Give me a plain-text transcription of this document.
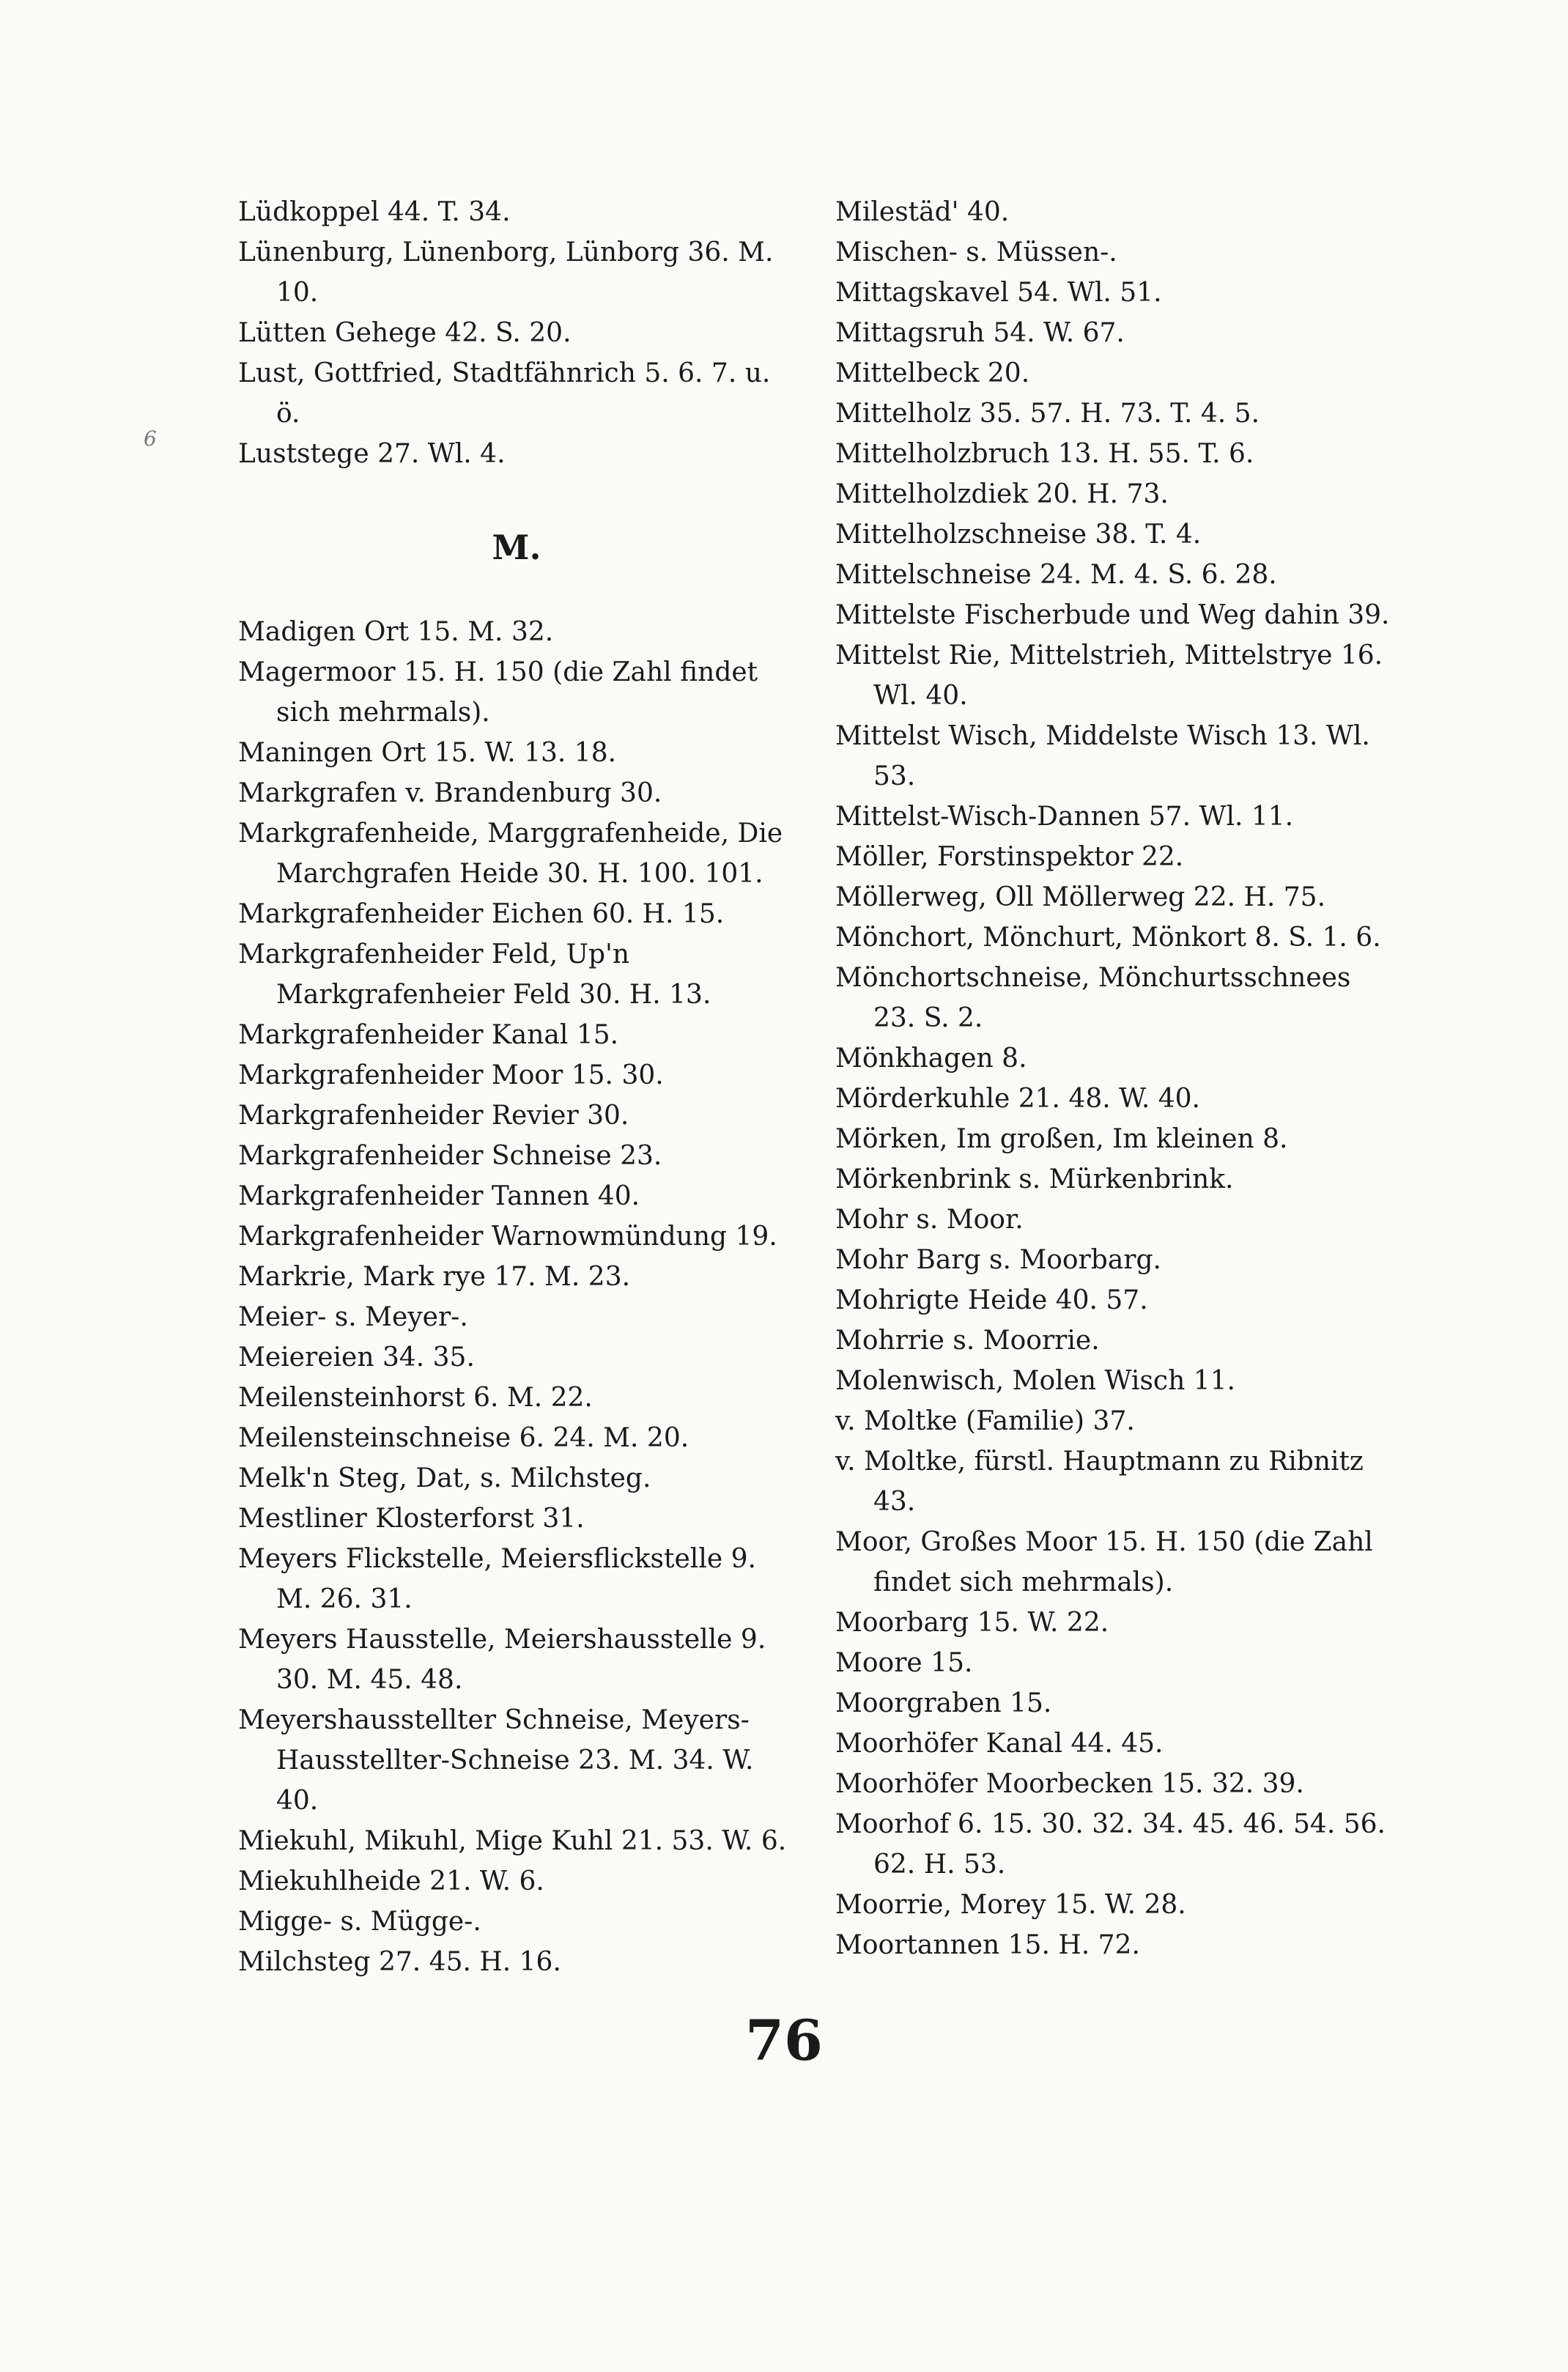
6
Lüdkoppel 44. T. 34.
Lünenburg, Lünenborg, Lünborg 36. M. 10.
Lütten Gehege 42. S. 20.
Lust, Gottfried, Stadtfähnrich 5. 6. 7. u. ö.
Luststege 27. Wl. 4.
M.
Madigen Ort 15. M. 32.
Magermoor 15. H. 150 (die Zahl findet sich mehrmals).
Maningen Ort 15. W. 13. 18.
Markgrafen v. Brandenburg 30.
Markgrafenheide, Marggrafenheide, Die Marchgrafen Heide 30. H. 100. 101.
Markgrafenheider Eichen 60. H. 15.
Markgrafenheider Feld, Up'n Markgrafenheier Feld 30. H. 13.
Markgrafenheider Kanal 15.
Markgrafenheider Moor 15. 30.
Markgrafenheider Revier 30.
Markgrafenheider Schneise 23.
Markgrafenheider Tannen 40.
Markgrafenheider Warnowmündung 19.
Markrie, Mark rye 17. M. 23.
Meier- s. Meyer-.
Meiereien 34. 35.
Meilensteinhorst 6. M. 22.
Meilensteinschneise 6. 24. M. 20.
Melk'n Steg, Dat, s. Milchsteg.
Mestliner Klosterforst 31.
Meyers Flickstelle, Meiersflickstelle 9. M. 26. 31.
Meyers Hausstelle, Meiershausstelle 9. 30. M. 45. 48.
Meyershausstellter Schneise, Meyers-Hausstellter-Schneise 23. M. 34. W. 40.
Miekuhl, Mikuhl, Mige Kuhl 21. 53. W. 6.
Miekuhlheide 21. W. 6.
Migge- s. Mügge-.
Milchsteg 27. 45. H. 16.
Milestäd' 40.
Mischen- s. Müssen-.
Mittagskavel 54. Wl. 51.
Mittagsruh 54. W. 67.
Mittelbeck 20.
Mittelholz 35. 57. H. 73. T. 4. 5.
Mittelholzbruch 13. H. 55. T. 6.
Mittelholzdiek 20. H. 73.
Mittelholzschneise 38. T. 4.
Mittelschneise 24. M. 4. S. 6. 28.
Mittelste Fischerbude und Weg dahin 39.
Mittelst Rie, Mittelstrieh, Mittelstrye 16. Wl. 40.
Mittelst Wisch, Middelste Wisch 13. Wl. 53.
Mittelst-Wisch-Dannen 57. Wl. 11.
Möller, Forstinspektor 22.
Möllerweg, Oll Möllerweg 22. H. 75.
Mönchort, Mönchurt, Mönkort 8. S. 1. 6.
Mönchortschneise, Mönchurtsschnees 23. S. 2.
Mönkhagen 8.
Mörderkuhle 21. 48. W. 40.
Mörken, Im großen, Im kleinen 8.
Mörkenbrink s. Mürkenbrink.
Mohr s. Moor.
Mohr Barg s. Moorbarg.
Mohrigte Heide 40. 57.
Mohrrie s. Moorrie.
Molenwisch, Molen Wisch 11.
v. Moltke (Familie) 37.
v. Moltke, fürstl. Hauptmann zu Ribnitz 43.
Moor, Großes Moor 15. H. 150 (die Zahl findet sich mehrmals).
Moorbarg 15. W. 22.
Moore 15.
Moorgraben 15.
Moorhöfer Kanal 44. 45.
Moorhöfer Moorbecken 15. 32. 39.
Moorhof 6. 15. 30. 32. 34. 45. 46. 54. 56. 62. H. 53.
Moorrie, Morey 15. W. 28.
Moortannen 15. H. 72.
76
